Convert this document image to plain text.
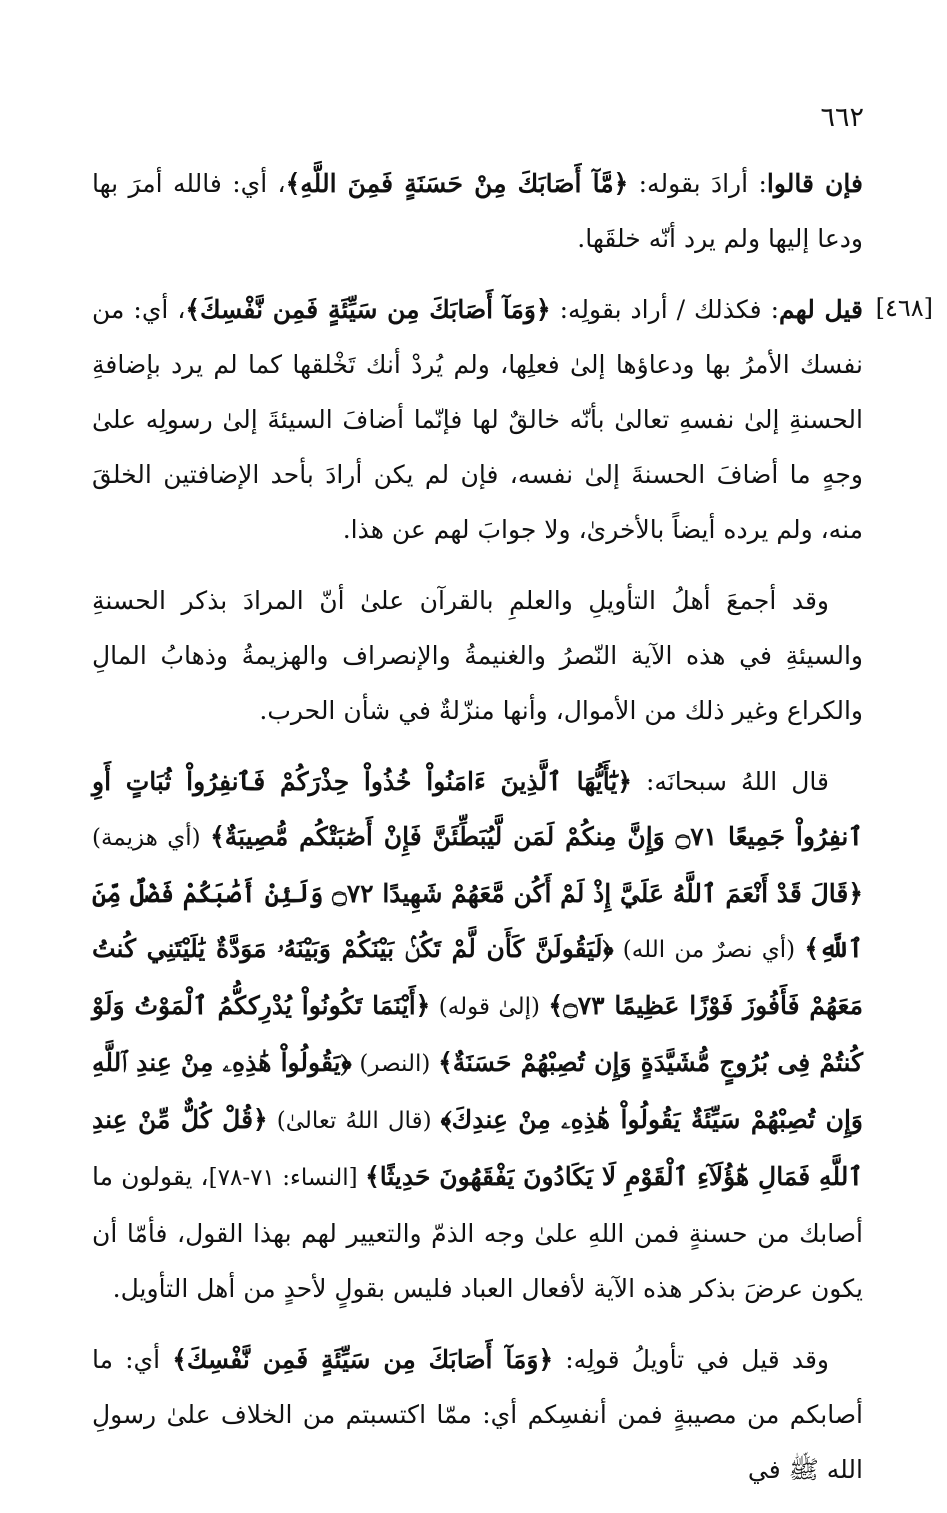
٦٦٢
[٤٦٨]

فإن قالوا: أرادَ بقوله: ﴿مَّآ أَصَابَكَ مِنْ حَسَنَةٍ فَمِنَ اللَّهِ﴾، أي: فالله أمرَ بها ودعا إليها ولم يرد أنّه خلقَها.

قيل لهم: فكذلك / أراد بقولِه: ﴿وَمَآ أَصَابَكَ مِن سَيِّئَةٍ فَمِن نَّفْسِكَ﴾، أي: من نفسك الأمرُ بها ودعاؤها إلىٰ فعلِها، ولم يُردْ أنك تَخْلقها كما لم يرد بإضافةِ الحسنةِ إلىٰ نفسهِ تعالىٰ بأنّه خالقٌ لها فإنّما أضافَ السيئةَ إلىٰ رسولِه علىٰ وجهٍ ما أضافَ الحسنةَ إلىٰ نفسه، فإن لم يكن أرادَ بأحد الإضافتين الخلقَ منه، ولم يرده أيضاً بالأخرىٰ، ولا جوابَ لهم عن هذا.

وقد أجمعَ أهلُ التأويلِ والعلمِ بالقرآن علىٰ أنّ المرادَ بذكر الحسنةِ والسيئةِ في هذه الآية النّصرُ والغنيمةُ والإنصراف والهزيمةُ وذهابُ المالِ والكراع وغير ذلك من الأموال، وأنها منزّلةٌ في شأن الحرب.

قال اللهُ سبحانَه: ﴿يَٰٓأَيُّهَا ٱلَّذِينَ ءَامَنُواْ خُذُواْ حِذْرَكُمْ فَٱنفِرُواْ ثُبَاتٍ أَوِ ٱنفِرُواْ جَمِيعًا ۝٧١ وَإِنَّ مِنكُمْ لَمَن لَّيُبَطِّئَنَّ فَإِنْ أَصَٰبَتْكُم مُّصِيبَةٌ﴾ (أي هزيمة) ﴿قَالَ قَدْ أَنْعَمَ ٱللَّهُ عَلَيَّ إِذْ لَمْ أَكُن مَّعَهُمْ شَهِيدًا ۝٧٢ وَلَئِنْ أَصَٰبَكُمْ فَضْلٌ مِّنَ ٱللَّهِ﴾ (أي نصرٌ من الله) ﴿لَيَقُولَنَّ كَأَن لَّمْ تَكُنۢ بَيْنَكُمْ وَبَيْنَهُۥ مَوَدَّةٌ يَٰلَيْتَنِي كُنتُ مَعَهُمْ فَأَفُوزَ فَوْزًا عَظِيمًا ۝٧٣﴾ (إلىٰ قوله) ﴿أَيْنَمَا تَكُونُواْ يُدْرِككُّمُ ٱلْمَوْتُ وَلَوْ كُنتُمْ فِى بُرُوجٍ مُّشَيَّدَةٍ وَإِن تُصِبْهُمْ حَسَنَةٌ﴾ (النصر) ﴿يَقُولُواْ هَٰذِهِۦ مِنْ عِندِ ٱللَّهِ وَإِن تُصِبْهُمْ سَيِّئَةٌ يَقُولُواْ هَٰذِهِۦ مِنْ عِندِكَ﴾ (قال اللهُ تعالىٰ) ﴿قُلْ كُلٌّ مِّنْ عِندِ ٱللَّهِ فَمَالِ هَٰٓؤُلَآءِ ٱلْقَوْمِ لَا يَكَادُونَ يَفْقَهُونَ حَدِيثًا﴾ [النساء: ٧١-٧٨]، يقولون ما أصابك من حسنةٍ فمن اللهِ علىٰ وجه الذمّ والتعيير لهم بهذا القول، فأمّا أن يكون عرضَ بذكر هذه الآية لأفعال العباد فليس بقولٍ لأحدٍ من أهل التأويل.

وقد قيل في تأويلُ قولِه: ﴿وَمَآ أَصَابَكَ مِن سَيِّئَةٍ فَمِن نَّفْسِكَ﴾ أي: ما أصابكم من مصيبةٍ فمن أنفسِكم أي: ممّا اكتسبتم من الخلاف علىٰ رسولِ الله ﷺ في
